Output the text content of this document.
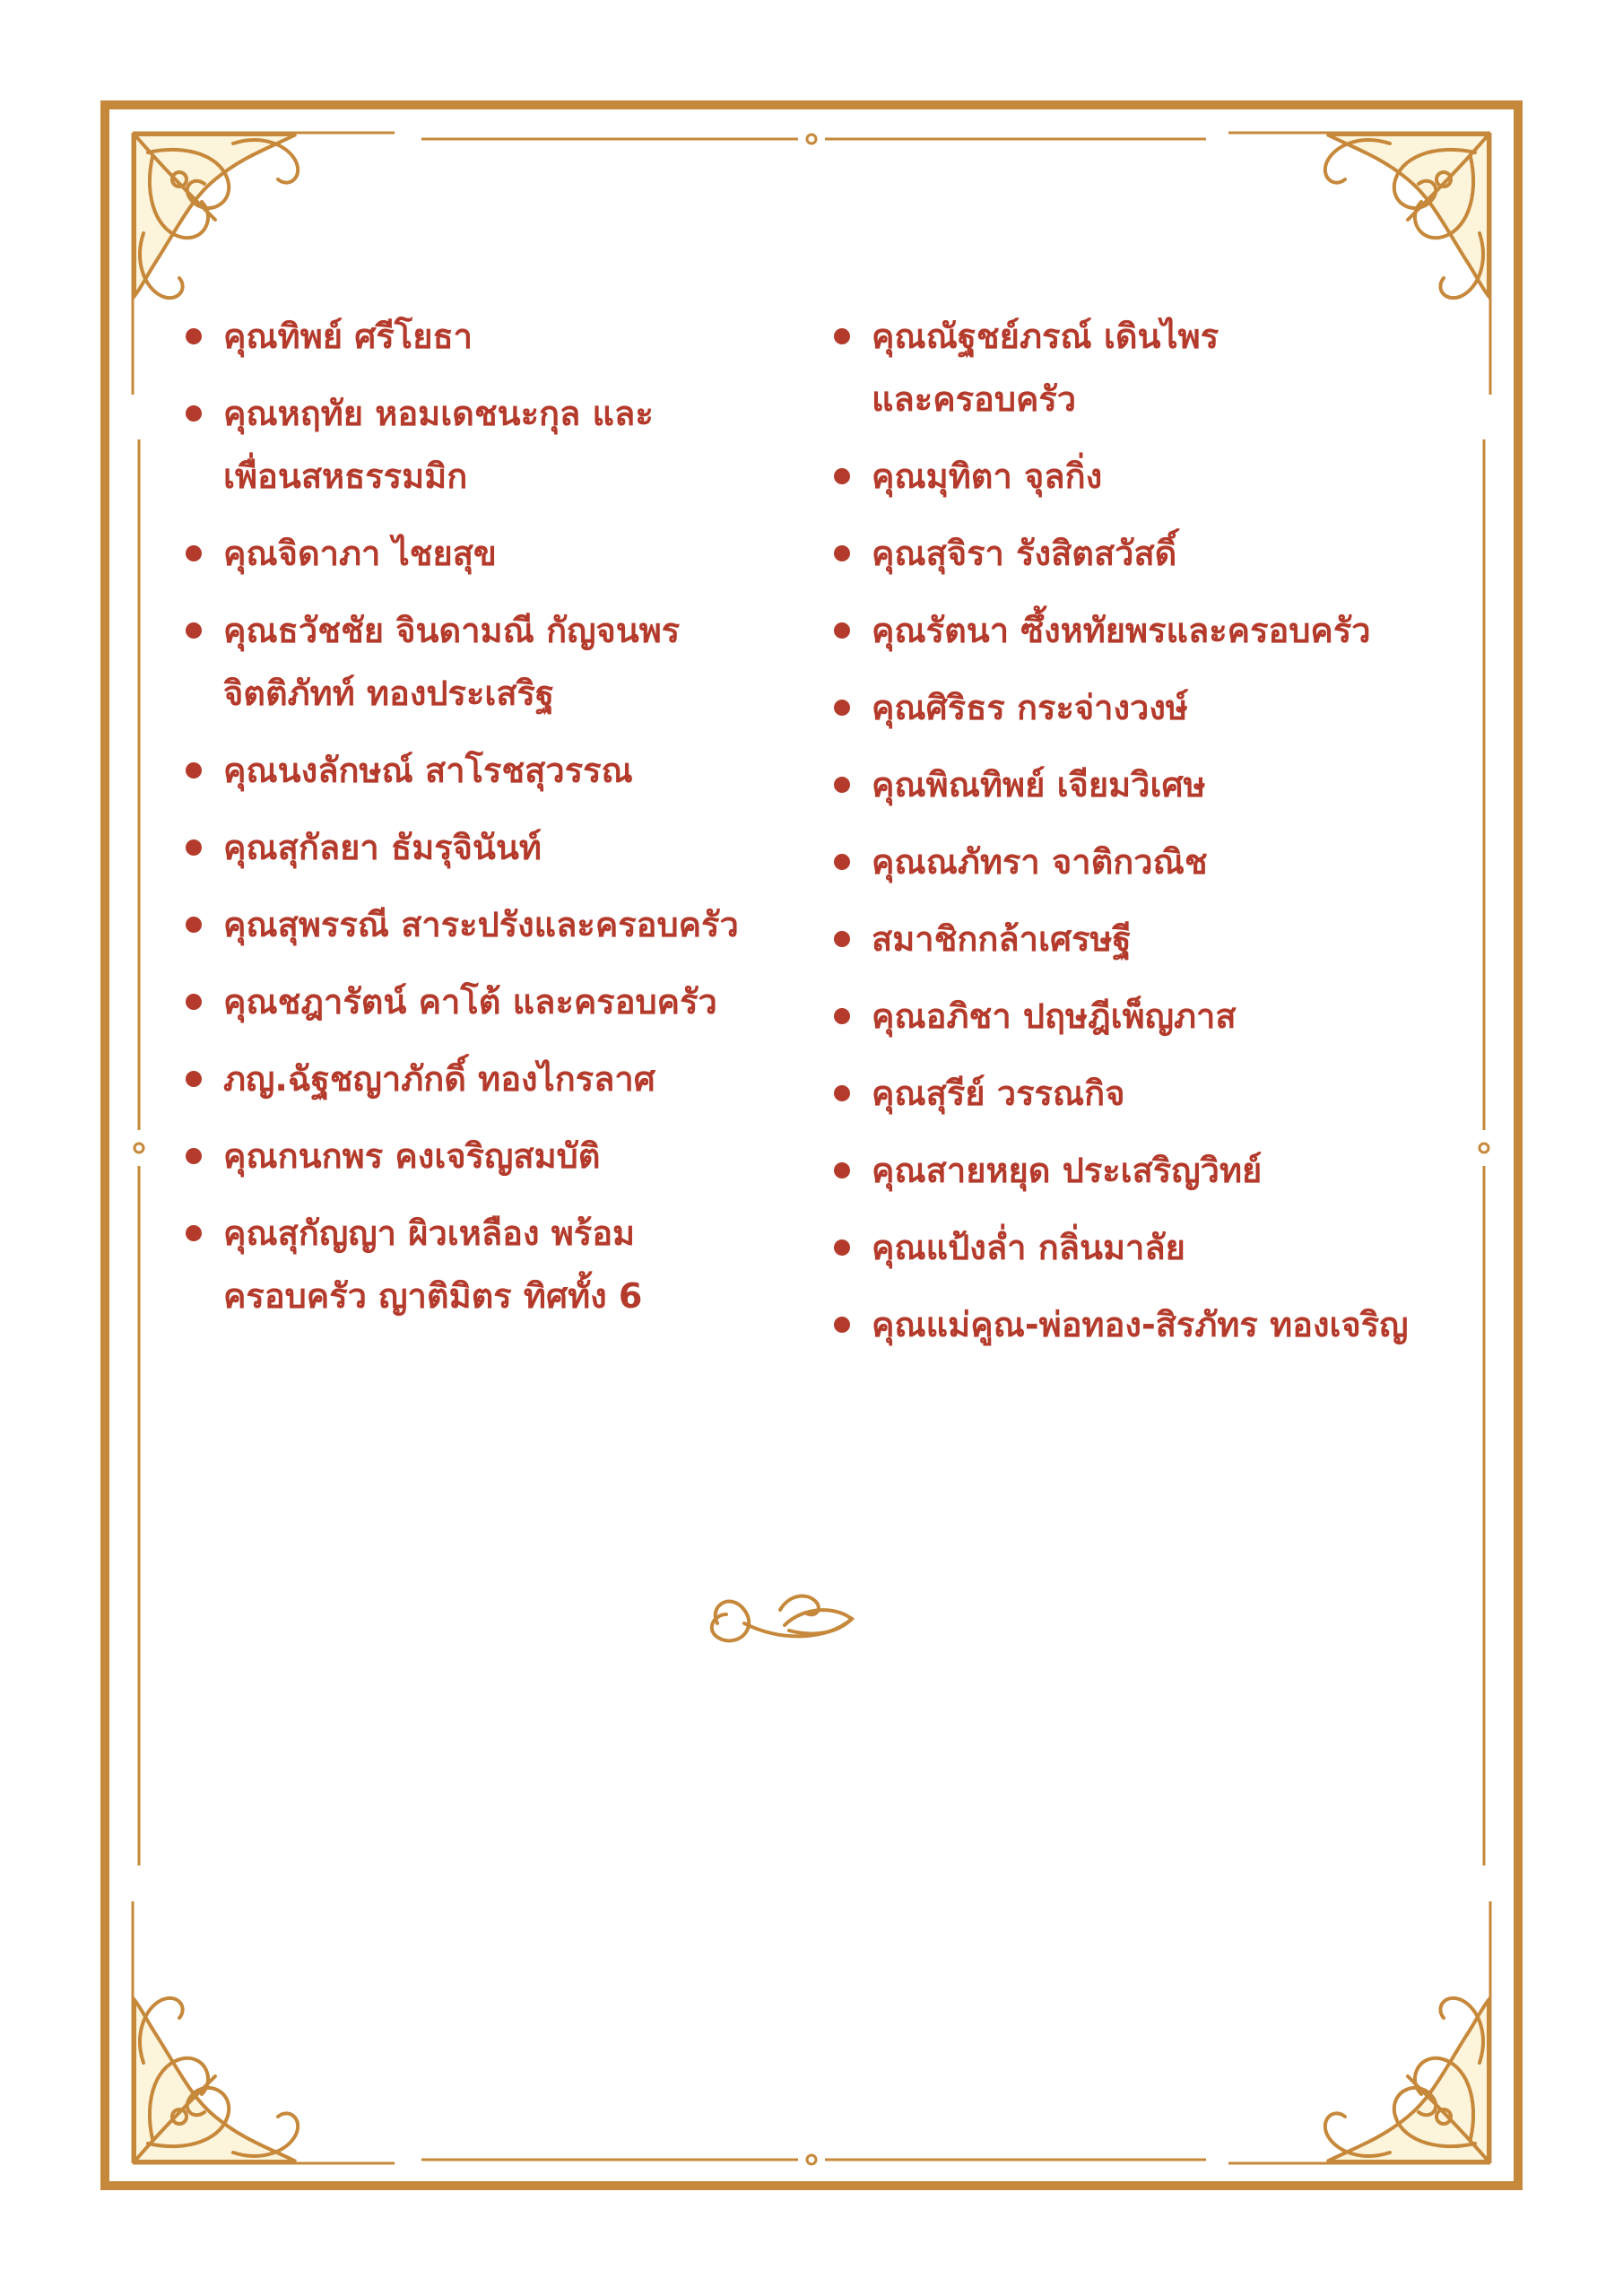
คุณทิพย์ ศรีโยธา
คุณหฤทัย หอมเดชนะกุล และ
เพื่อนสหธรรมมิก
คุณจิดาภา ไชยสุข
คุณธวัชชัย จินดามณี กัญจนพร
จิตติภัทท์ ทองประเสริฐ
คุณนงลักษณ์ สาโรชสุวรรณ
คุณสุกัลยา ธัมรุจินันท์
คุณสุพรรณี สาระปรังและครอบครัว
คุณชฎารัตน์ คาโต้ และครอบครัว
ภญ.ฉัฐชญาภักดิ์ ทองไกรลาศ
คุณกนกพร คงเจริญสมบัติ
คุณสุกัญญา ผิวเหลือง พร้อม
ครอบครัว ญาติมิตร ทิศทั้ง 6
คุณณัฐชย์ภรณ์ เดินไพร
และครอบครัว
คุณมุทิตา จุลกิ่ง
คุณสุจิรา รังสิตสวัสดิ์
คุณรัตนา ซึ้งหทัยพรและครอบครัว
คุณศิริธร กระจ่างวงษ์
คุณพิณทิพย์ เจียมวิเศษ
คุณณภัทรา จาติกวณิช
สมาชิกกล้าเศรษฐี
คุณอภิชา ปฤษฎีเพ็ญภาส
คุณสุรีย์ วรรณกิจ
คุณสายหยุด ประเสริญวิทย์
คุณแป้งล่ำ กลิ่นมาลัย
คุณแม่คูณ-พ่อทอง-สิรภัทร ทองเจริญ
